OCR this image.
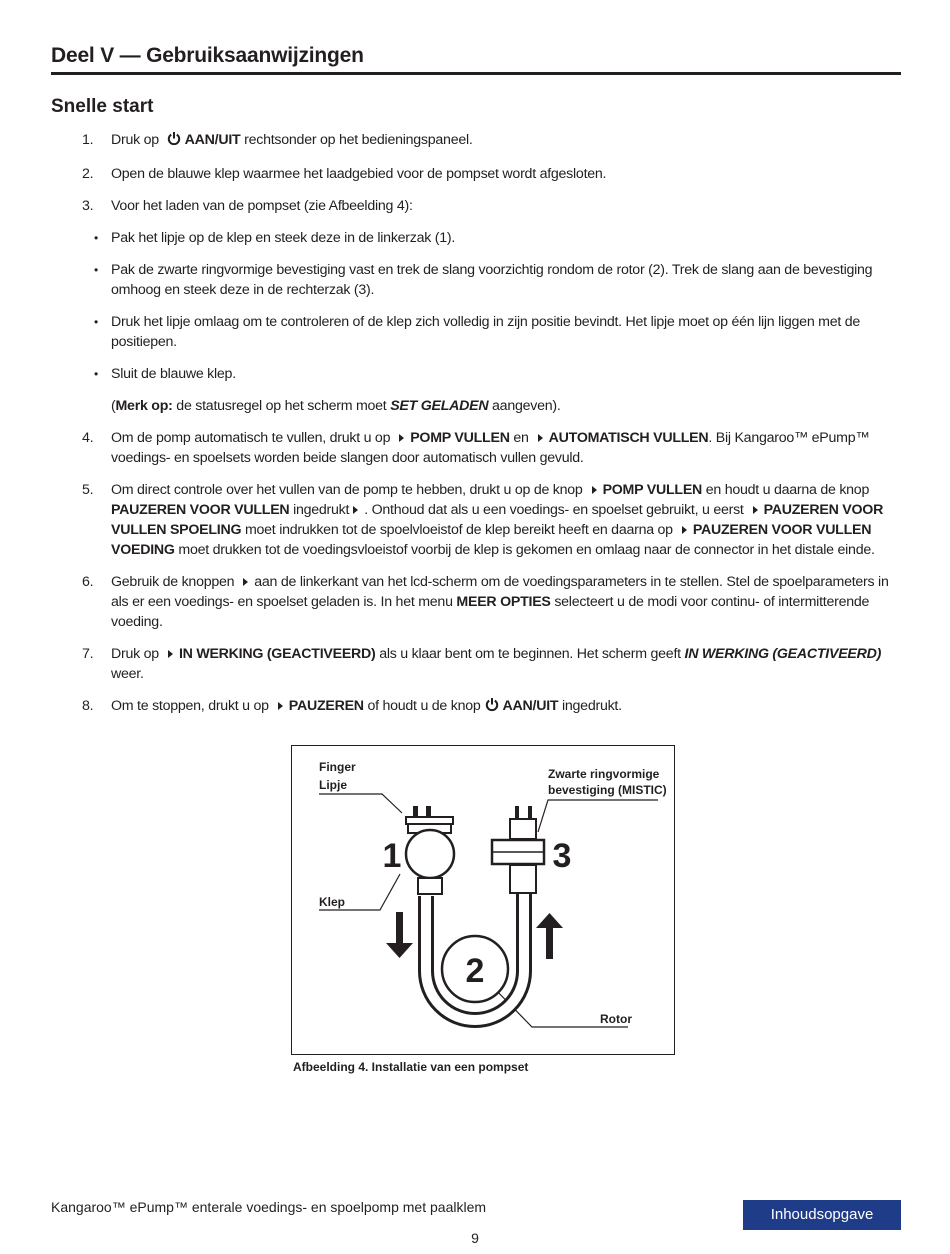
Deel V — Gebruiksaanwijzingen
Snelle start
1. Druk op AAN/UIT rechtsonder op het bedieningspaneel.
2. Open de blauwe klep waarmee het laadgebied voor de pompset wordt afgesloten.
3. Voor het laden van de pompset (zie Afbeelding 4):
• Pak het lipje op de klep en steek deze in de linkerzak (1).
• Pak de zwarte ringvormige bevestiging vast en trek de slang voorzichtig rondom de rotor (2). Trek de slang aan de bevestiging omhoog en steek deze in de rechterzak (3).
• Druk het lipje omlaag om te controleren of de klep zich volledig in zijn positie bevindt. Het lipje moet op één lijn liggen met de positiepen.
• Sluit de blauwe klep.
(Merk op: de statusregel op het scherm moet SET GELADEN aangeven).
4. Om de pomp automatisch te vullen, drukt u op POMP VULLEN en AUTOMATISCH VULLEN. Bij Kangaroo™ ePump™ voedings- en spoelsets worden beide slangen door automatisch vullen gevuld.
5. Om direct controle over het vullen van de pomp te hebben, drukt u op de knop POMP VULLEN en houdt u daarna de knop PAUZEREN VOOR VULLEN ingedrukt . Onthoud dat als u een voedings- en spoelset gebruikt, u eerst PAUZEREN VOOR VULLEN SPOELING moet indrukken tot de spoelvloeistof de klep bereikt heeft en daarna op PAUZEREN VOOR VULLEN VOEDING moet drukken tot de voedingsvloeistof voorbij de klep is gekomen en omlaag naar de connector in het distale einde.
6. Gebruik de knoppen aan de linkerkant van het lcd-scherm om de voedingsparameters in te stellen. Stel de spoelparameters in als er een voedings- en spoelset geladen is. In het menu MEER OPTIES selecteert u de modi voor continu- of intermitterende voeding.
7. Druk op IN WERKING (GEACTIVEERD) als u klaar bent om te beginnen. Het scherm geeft IN WERKING (GEACTIVEERD) weer.
8. Om te stoppen, drukt u op PAUZEREN of houdt u de knop AAN/UIT ingedrukt.
Finger
Lipje
Klep
Zwarte ringvormige
bevestiging (MISTIC)
Rotor
2
1	3
Afbeelding 4. Installatie van een pompset
Kangaroo™ ePump™ enterale voedings- en spoelpomp met paalklem	Inhoudsopgave
9
